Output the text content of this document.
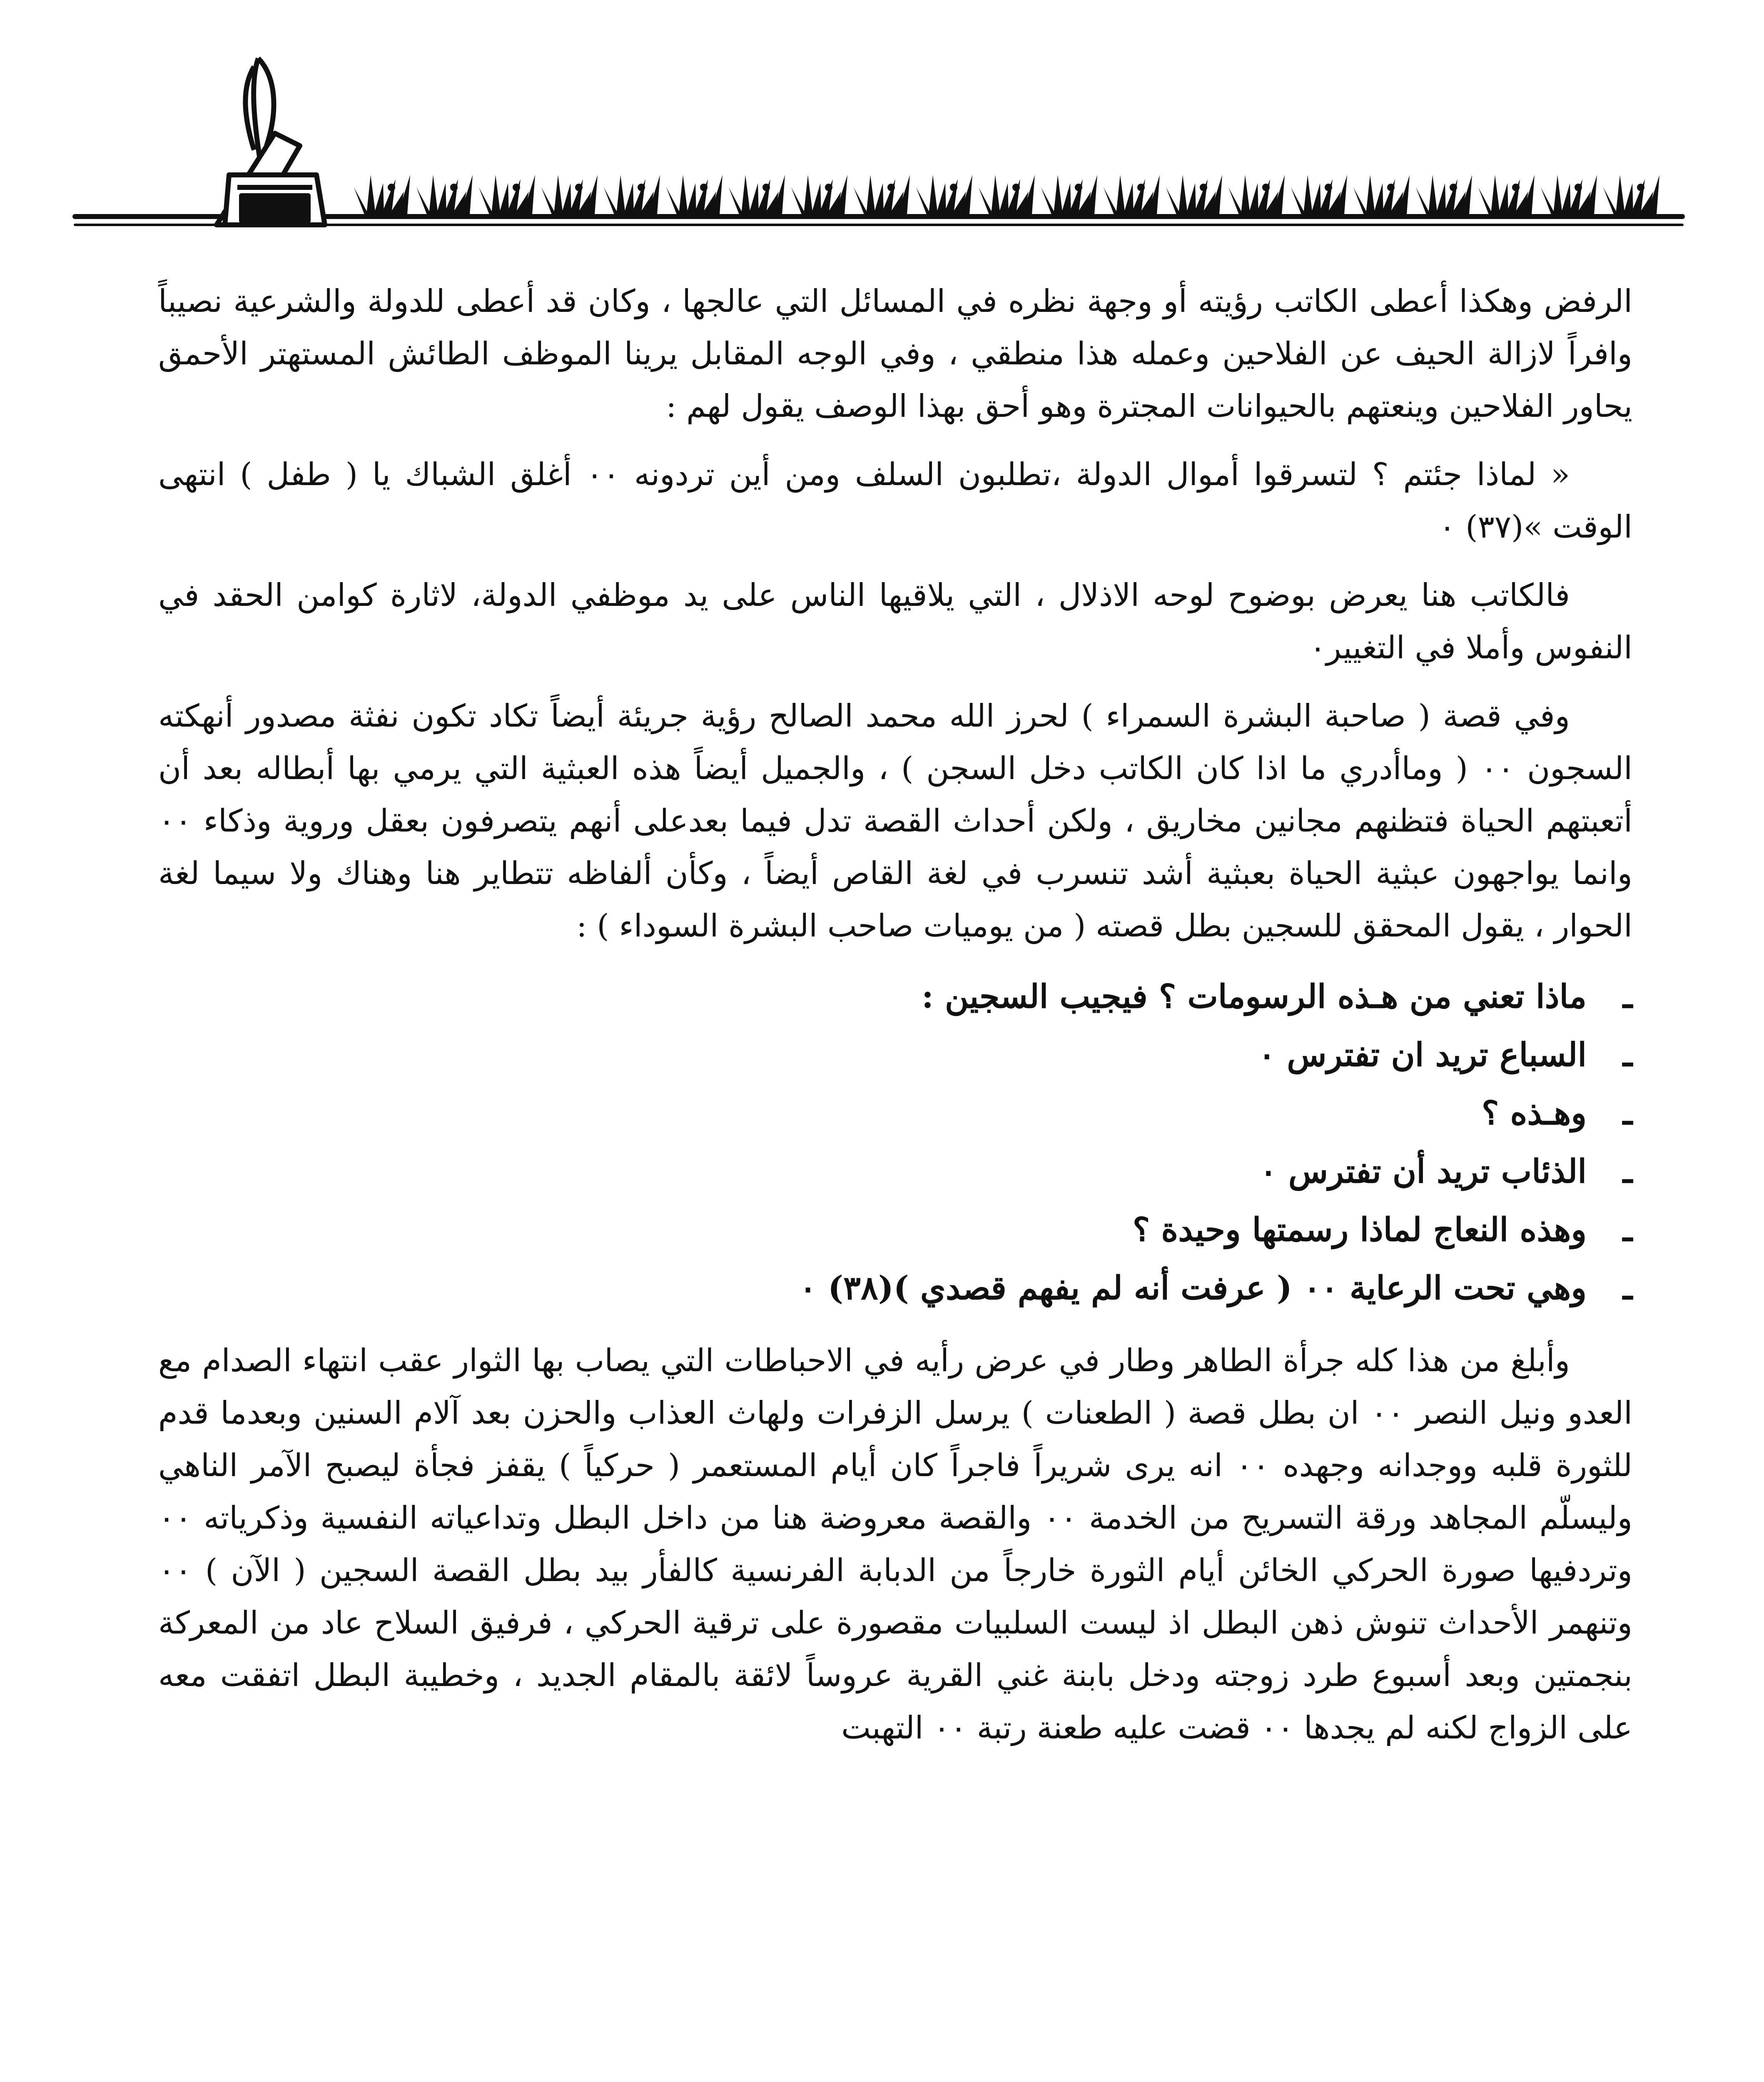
الرفض وهكذا أعطى الكاتب رؤيته أو وجهة نظره في المسائل التي عالجها ، وكان قد أعطى للدولة والشرعية نصيباً وافراً لازالة الحيف عن الفلاحين وعمله هذا منطقي ، وفي الوجه المقابل يرينا الموظف الطائش المستهتر الأحمق يحاور الفلاحين وينعتهم بالحيوانات المجترة وهو أحق بهذا الوصف يقول لهم :

« لماذا جئتم ؟ لتسرقوا أموال الدولة ،تطلبون السلف ومن أين تردونه ٠٠ أغلق الشباك يا ( طفل ) انتهى الوقت »(٣٧) ٠

فالكاتب هنا يعرض بوضوح لوحه الاذلال ، التي يلاقيها الناس على يد موظفي الدولة، لاثارة كوامن الحقد في النفوس وأملا في التغيير٠

وفي قصة ( صاحبة البشرة السمراء ) لحرز الله محمد الصالح رؤية جريئة أيضاً تكاد تكون نفثة مصدور أنهكته السجون ٠٠ ( وماأدري ما اذا كان الكاتب دخل السجن ) ، والجميل أيضاً هذه العبثية التي يرمي بها أبطاله بعد أن أتعبتهم الحياة فتظنهم مجانين مخاريق ، ولكن أحداث القصة تدل فيما بعدعلى أنهم يتصرفون بعقل وروية وذكاء ٠٠ وانما يواجهون عبثية الحياة بعبثية أشد تنسرب في لغة القاص أيضاً ، وكأن ألفاظه تتطاير هنا وهناك ولا سيما لغة الحوار ، يقول المحقق للسجين بطل قصته ( من يوميات صاحب البشرة السوداء ) :

ـماذا تعني من هـذه الرسومات ؟ فيجيب السجين :
ـالسباع تريد ان تفترس ٠
ـوهـذه ؟
ـالذئاب تريد أن تفترس ٠
ـوهذه النعاج لماذا رسمتها وحيدة ؟
ـوهي تحت الرعاية ٠٠ ( عرفت أنه لم يفهم قصدي )(٣٨) ٠

وأبلغ من هذا كله جرأة الطاهر وطار في عرض رأيه في الاحباطات التي يصاب بها الثوار عقب انتهاء الصدام مع العدو ونيل النصر ٠٠ ان بطل قصة ( الطعنات ) يرسل الزفرات ولهاث العذاب والحزن بعد آلام السنين وبعدما قدم للثورة قلبه ووجدانه وجهده ٠٠ انه يرى شريراً فاجراً كان أيام المستعمر ( حركياً ) يقفز فجأة ليصبح الآمر الناهي وليسلّم المجاهد ورقة التسريح من الخدمة ٠٠ والقصة معروضة هنا من داخل البطل وتداعياته النفسية وذكرياته ٠٠ وتردفيها صورة الحركي الخائن أيام الثورة خارجاً من الدبابة الفرنسية كالفأر بيد بطل القصة السجين ( الآن ) ٠٠ وتنهمر الأحداث تنوش ذهن البطل اذ ليست السلبيات مقصورة على ترقية الحركي ، فرفيق السلاح عاد من المعركة بنجمتين وبعد أسبوع طرد زوجته ودخل بابنة غني القرية عروساً لائقة بالمقام الجديد ، وخطيبة البطل اتفقت معه على الزواج لكنه لم يجدها ٠٠ قضت عليه طعنة رتبة ٠٠ التهبت
